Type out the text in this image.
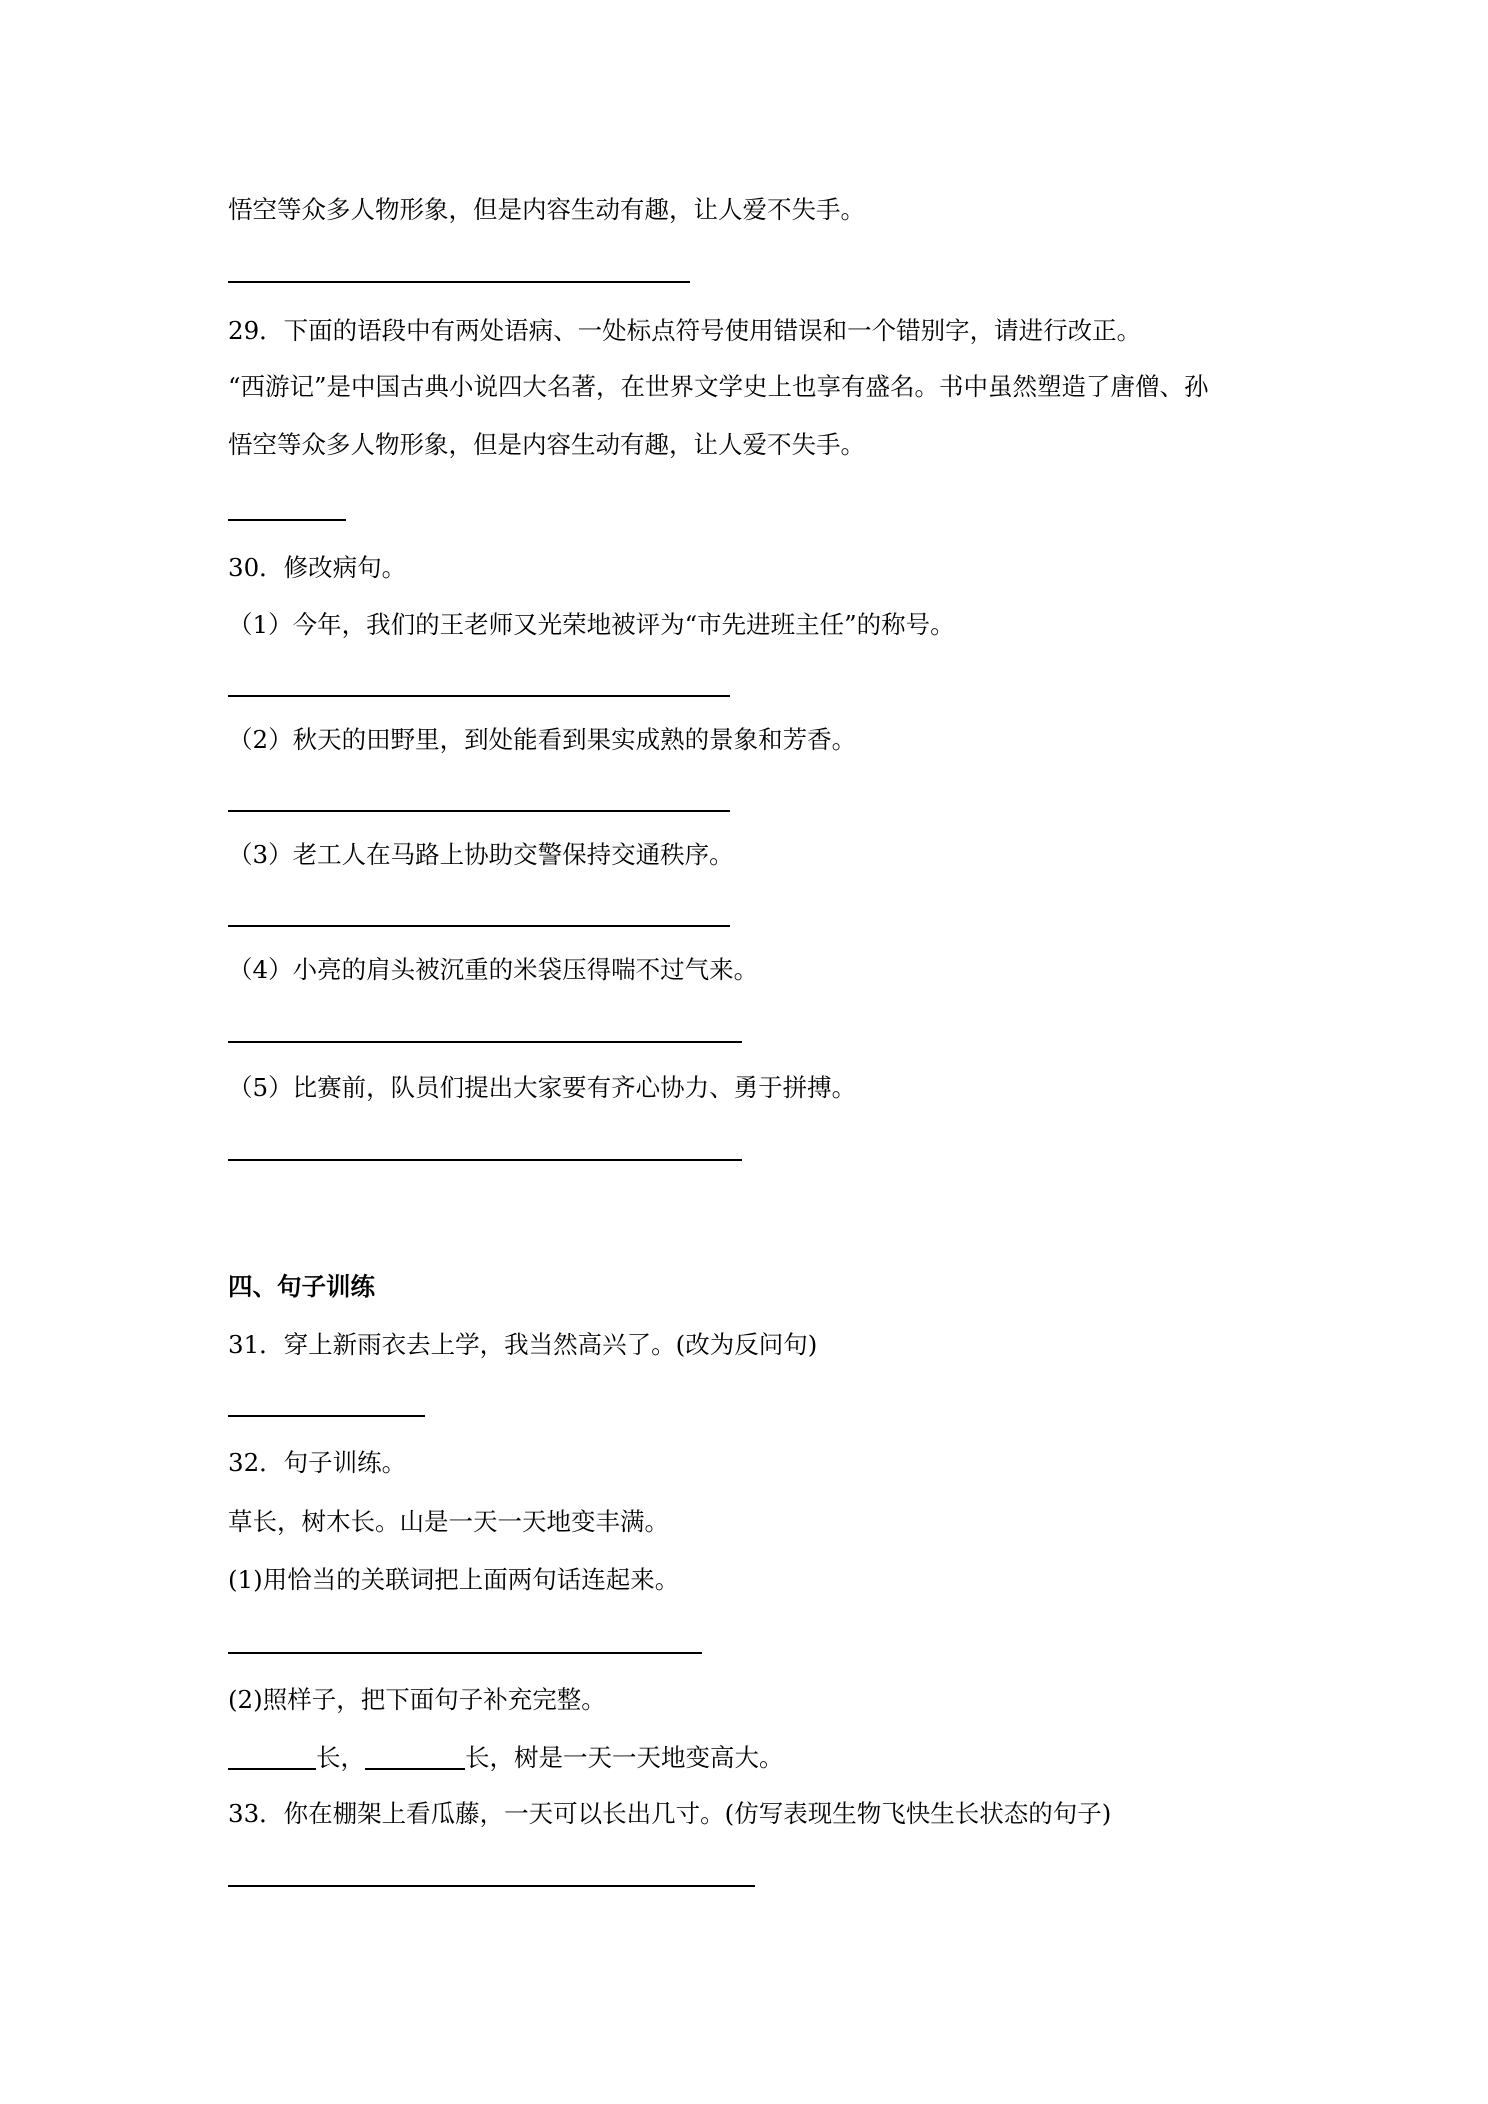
悟空等众多人物形象，但是内容生动有趣，让人爱不失手。
29．下面的语段中有两处语病、一处标点符号使用错误和一个错别字，请进行改正。
“西游记”是中国古典小说四大名著，在世界文学史上也享有盛名。书中虽然塑造了唐僧、孙
悟空等众多人物形象，但是内容生动有趣，让人爱不失手。
30．修改病句。
（1）今年，我们的王老师又光荣地被评为“市先进班主任”的称号。
（2）秋天的田野里，到处能看到果实成熟的景象和芳香。
（3）老工人在马路上协助交警保持交通秩序。
（4）小亮的肩头被沉重的米袋压得喘不过气来。
（5）比赛前，队员们提出大家要有齐心协力、勇于拼搏。
四、句子训练
31．穿上新雨衣去上学，我当然高兴了。(改为反问句)
32．句子训练。
草长，树木长。山是一天一天地变丰满。
(1)用恰当的关联词把上面两句话连起来。
(2)照样子，把下面句子补充完整。
长，	长，树是一天一天地变高大。
33．你在棚架上看瓜藤，一天可以长出几寸。(仿写表现生物飞快生长状态的句子)
